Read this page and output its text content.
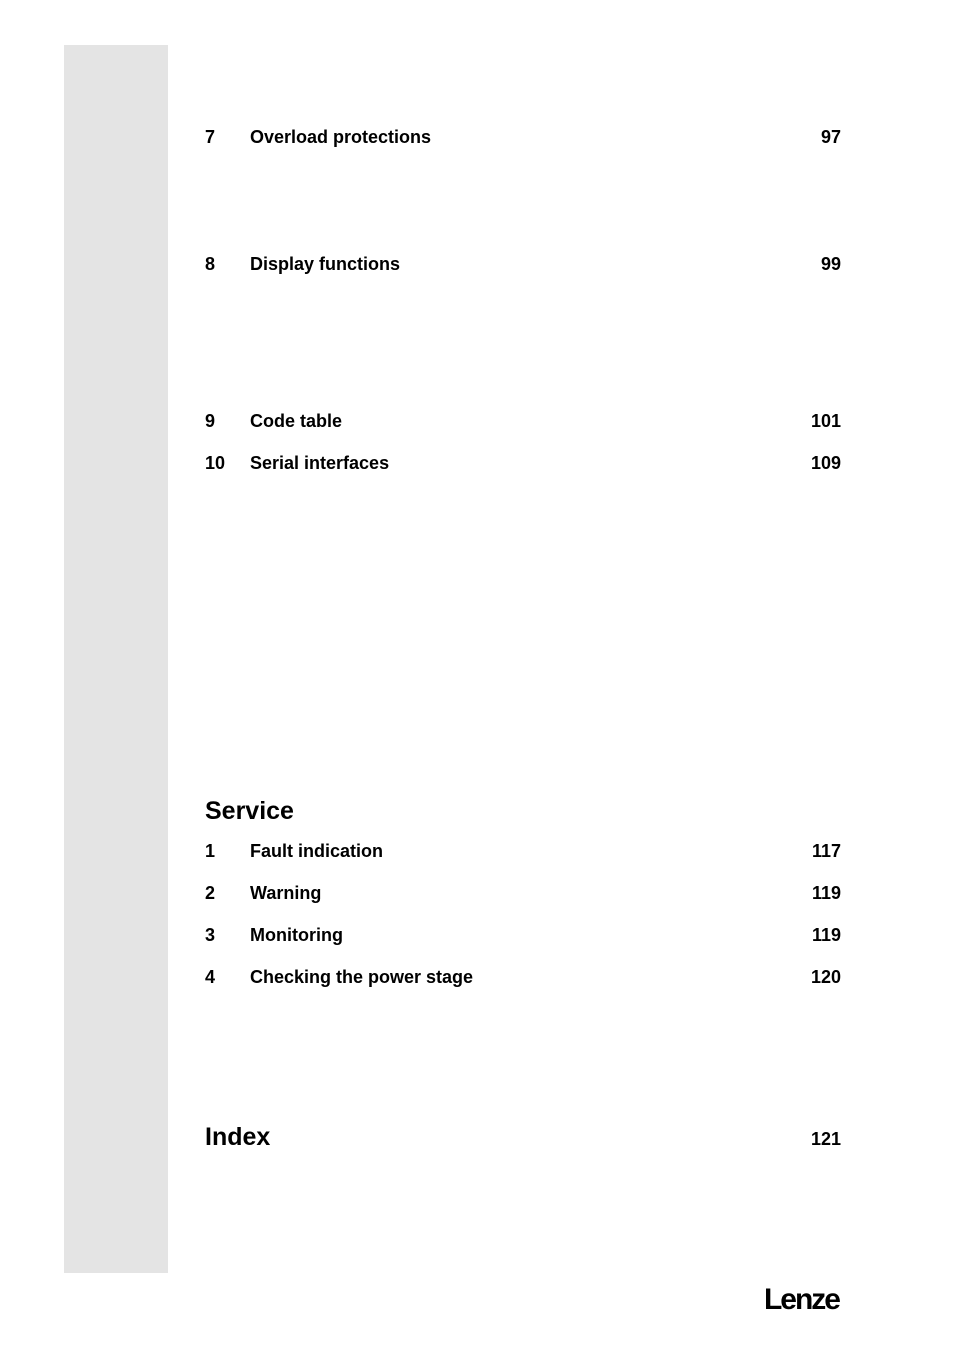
7 Overload protections	97
8 Display functions	99
9 Code table	101
10 Serial interfaces	109
Service
1 Fault indication	117
2 Warning	119
3 Monitoring	119
4 Checking the power stage	120
Index	121
Lenze
